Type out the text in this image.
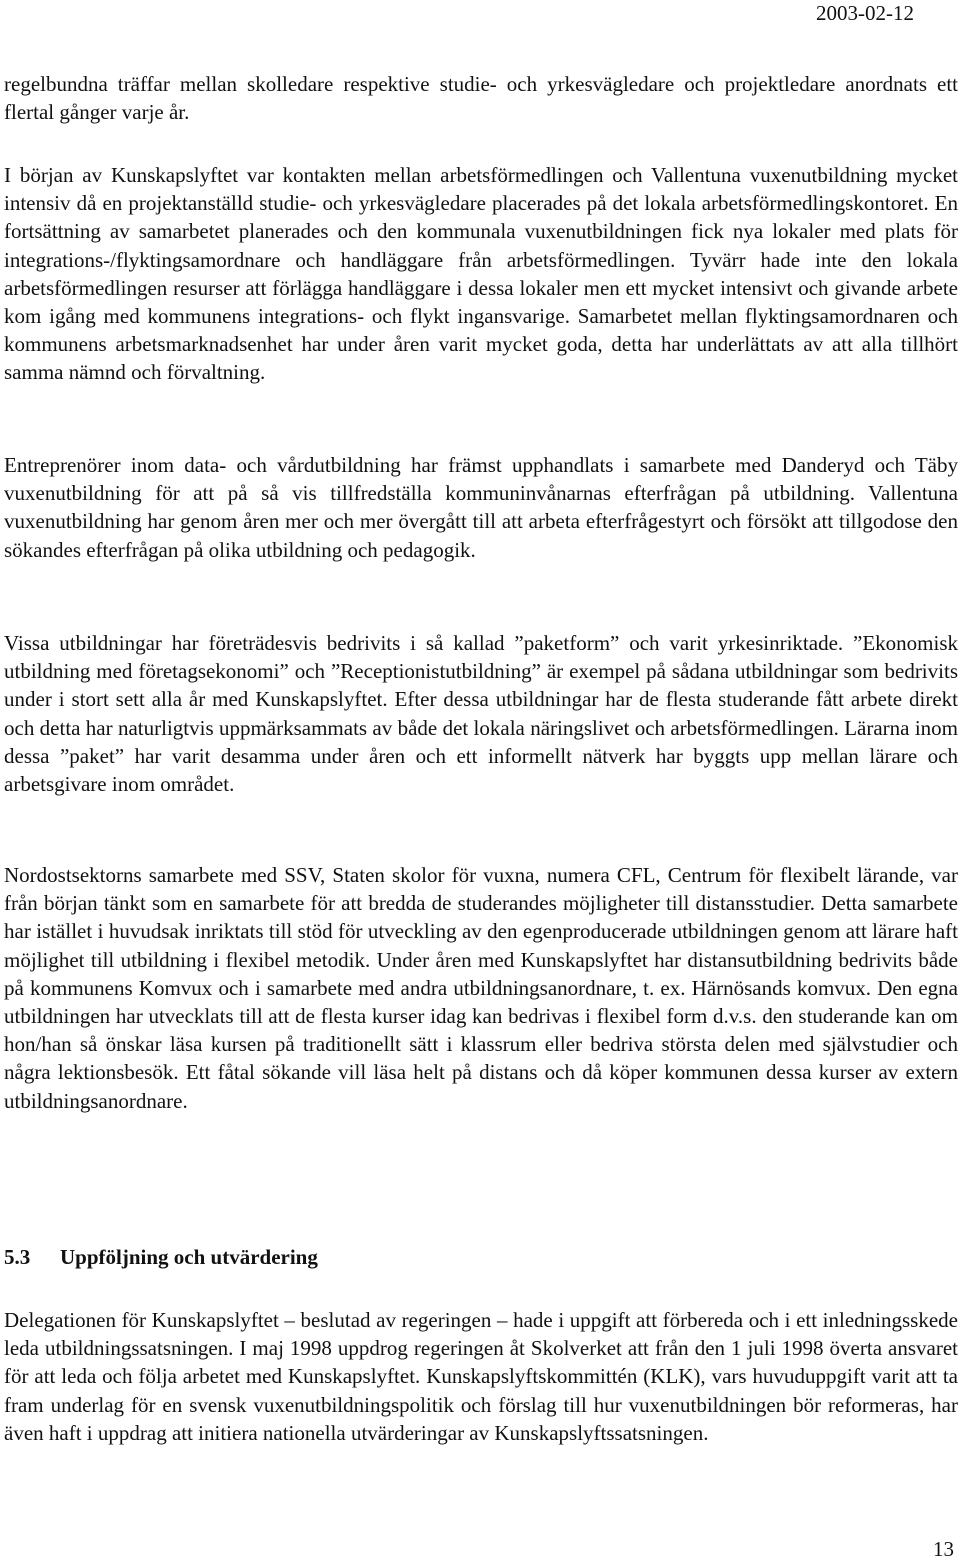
2003-02-12

regelbundna träffar mellan skolledare respektive studie- och yrkesvägledare och projektledare anordnats ett flertal gånger varje år.

I början av Kunskapslyftet var kontakten mellan arbetsförmedlingen och Vallentuna vuxenutbildning mycket intensiv då en projektanställd studie- och yrkesvägledare placerades på det lokala arbetsförmedlingskontoret. En fortsättning av samarbetet planerades och den kommunala vuxenutbildningen fick nya lokaler med plats för integrations-/flyktingsamordnare och handläggare från arbetsförmedlingen. Tyvärr hade inte den lokala arbetsförmedlingen resurser att förlägga handläggare i dessa lokaler men ett mycket intensivt och givande arbete kom igång med kommunens integrations- och flykt ingansvarige. Samarbetet mellan flyktingsamordnaren och kommunens arbetsmarknadsenhet har under åren varit mycket goda, detta har underlättats av att alla tillhört samma nämnd och förvaltning.

Entreprenörer inom data- och vårdutbildning har främst upphandlats i samarbete med Danderyd och Täby vuxenutbildning för att på så vis tillfredställa kommuninvånarnas efterfrågan på utbildning. Vallentuna vuxenutbildning har genom åren mer och mer övergått till att arbeta efterfrågestyrt och försökt att tillgodose den sökandes efterfrågan på olika utbildning och pedagogik.

Vissa utbildningar har företrädesvis bedrivits i så kallad ”paketform” och varit yrkesinriktade. ”Ekonomisk utbildning med företagsekonomi” och ”Receptionistutbildning” är exempel på sådana utbildningar som bedrivits under i stort sett alla år med Kunskapslyftet. Efter dessa utbildningar har de flesta studerande fått arbete direkt och detta har naturligtvis uppmärksammats av både det lokala näringslivet och arbetsförmedlingen. Lärarna inom dessa ”paket” har varit desamma under åren och ett informellt nätverk har byggts upp mellan lärare och arbetsgivare inom området.

Nordostsektorns samarbete med SSV, Staten skolor för vuxna, numera CFL, Centrum för flexibelt lärande, var från början tänkt som en samarbete för att bredda de studerandes möjligheter till distansstudier. Detta samarbete har istället i huvudsak inriktats till stöd för utveckling av den egenproducerade utbildningen genom att lärare haft möjlighet till utbildning i flexibel metodik. Under åren med Kunskapslyftet har distansutbildning bedrivits både på kommunens Komvux och i samarbete med andra utbildningsanordnare, t. ex. Härnösands komvux. Den egna utbildningen har utvecklats till att de flesta kurser idag kan bedrivas i flexibel form d.v.s. den studerande kan om hon/han så önskar läsa kursen på traditionellt sätt i klassrum eller bedriva största delen med självstudier och några lektionsbesök. Ett fåtal sökande vill läsa helt på distans och då köper kommunen dessa kurser av extern utbildningsanordnare.

5.3 Uppföljning och utvärdering

Delegationen för Kunskapslyftet – beslutad av regeringen – hade i uppgift att förbereda och i ett inledningsskede leda utbildningssatsningen. I maj 1998 uppdrog regeringen åt Skolverket att från den 1 juli 1998 överta ansvaret för att leda och följa arbetet med Kunskapslyftet. Kunskapslyftskommittén (KLK), vars huvuduppgift varit att ta fram underlag för en svensk vuxenutbildningspolitik och förslag till hur vuxenutbildningen bör reformeras, har även haft i uppdrag att initiera nationella utvärderingar av Kunskapslyftssatsningen.

13
